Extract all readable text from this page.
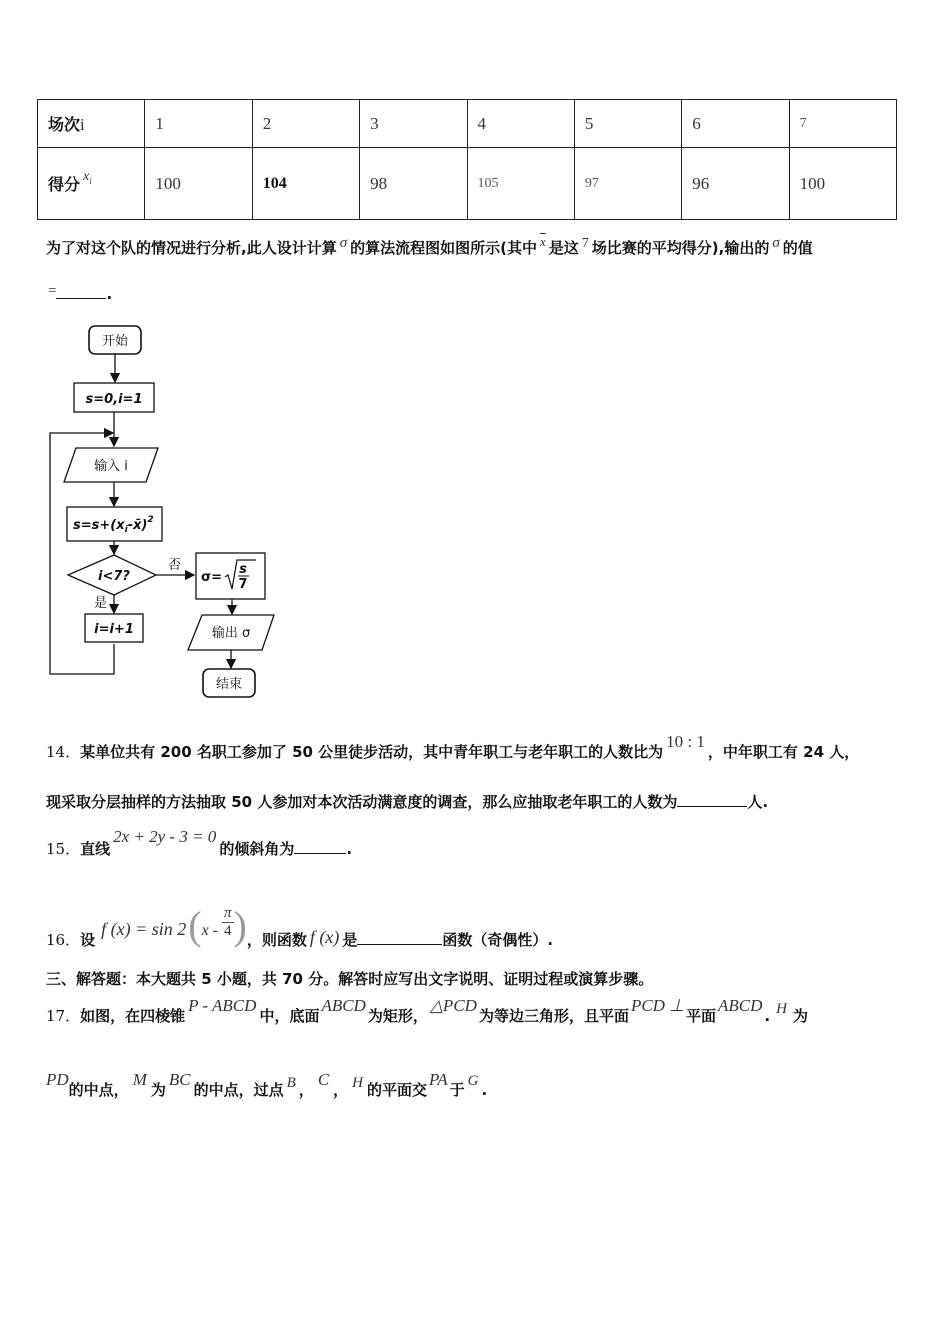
场次i	1	2	3	4	5	6	7
得分 $x_i$	100	104	98	105	97	96	100
为了对这个队的情况进行分析,此人设计计算 σ 的算法流程图如图所示(其中 $\overline{x}$ 是这 7 场比赛的平均得分),输出的 σ 的值
=	.
开始
s=0,i=1
输入 i
$s=s+(x_i-x̄)^2$
i<7?
否
σ=
s
7
输出 σ
结束
是
i=i+1
14．某单位共有 200 名职工参加了 50 公里徒步活动，其中青年职工与老年职工的人数比为10 : 1，中年职工有 24 人，
现采取分层抽样的方法抽取 50 人参加对本次活动满意度的调查，那么应抽取老年职工的人数为	人.
15．直线2x + 2y - 3 = 0的倾斜角为	.
16．设f $(x) = \sin 2(x - \frac{\pi}{4}$ )，则函数 f (x) 是	函数（奇偶性）.
三、解答题：本大题共 5 小题，共 70 分。解答时应写出文字说明、证明过程或演算步骤。
17．如图，在四棱锥P - ABCD中，底面ABCD为矩形，△PCD为等边三角形，且平面PCD ⊥平面ABCD. H 为
PD的中点，M为BC的中点，过点 B ，C， H 的平面交PA于 G .
